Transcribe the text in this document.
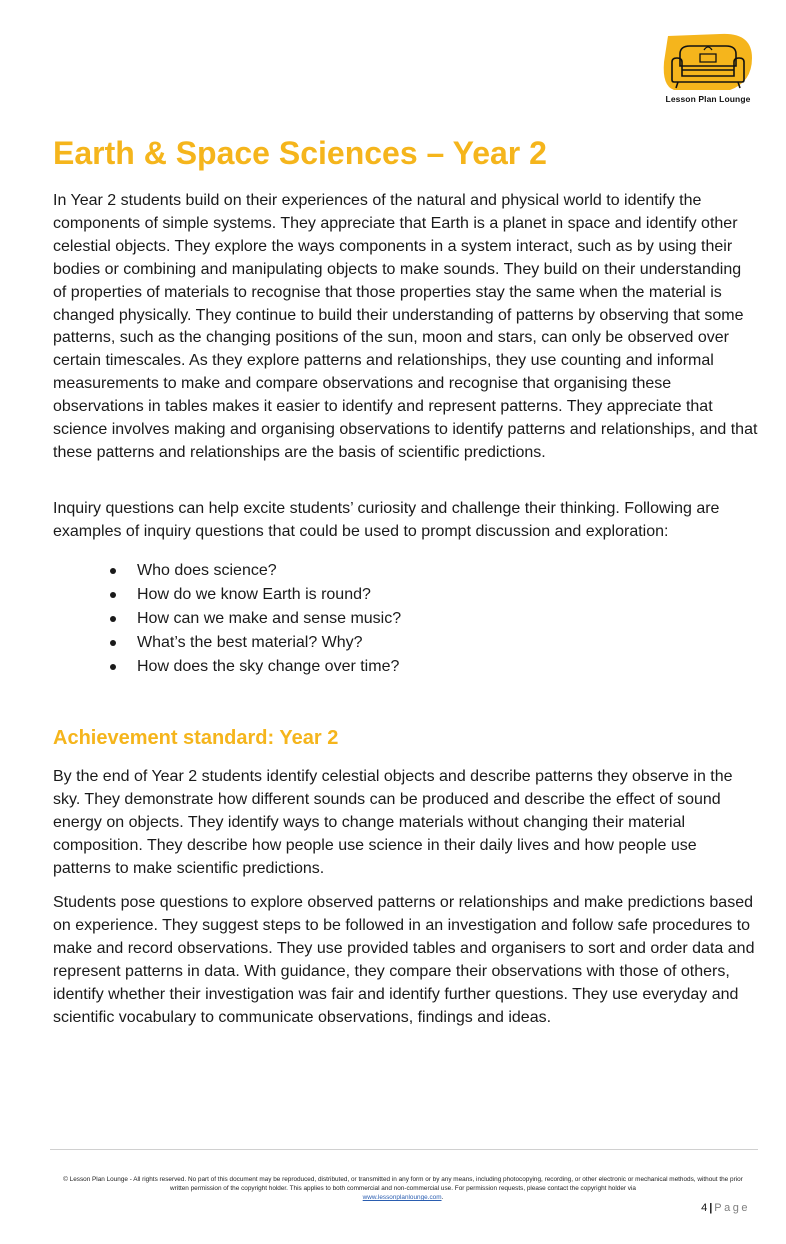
Lesson Plan Lounge
Earth & Space Sciences – Year 2

In Year 2 students build on their experiences of the natural and physical world to identify the components of simple systems. They appreciate that Earth is a planet in space and identify other celestial objects. They explore the ways components in a system interact, such as by using their bodies or combining and manipulating objects to make sounds. They build on their understanding of properties of materials to recognise that those properties stay the same when the material is changed physically. They continue to build their understanding of patterns by observing that some patterns, such as the changing positions of the sun, moon and stars, can only be observed over certain timescales. As they explore patterns and relationships, they use counting and informal measurements to make and compare observations and recognise that organising these observations in tables makes it easier to identify and represent patterns. They appreciate that science involves making and organising observations to identify patterns and relationships, and that these patterns and relationships are the basis of scientific predictions.

Inquiry questions can help excite students’ curiosity and challenge their thinking. Following are examples of inquiry questions that could be used to prompt discussion and exploration:

Who does science?
How do we know Earth is round?
How can we make and sense music?
What’s the best material? Why?
How does the sky change over time?
Achievement standard: Year 2

By the end of Year 2 students identify celestial objects and describe patterns they observe in the sky. They demonstrate how different sounds can be produced and describe the effect of sound energy on objects. They identify ways to change materials without changing their material composition. They describe how people use science in their daily lives and how people use patterns to make scientific predictions.

Students pose questions to explore observed patterns or relationships and make predictions based on experience. They suggest steps to be followed in an investigation and follow safe procedures to make and record observations. They use provided tables and organisers to sort and order data and represent patterns in data. With guidance, they compare their observations with those of others, identify whether their investigation was fair and identify further questions. They use everyday and scientific vocabulary to communicate observations, findings and ideas.

© Lesson Plan Lounge - All rights reserved. No part of this document may be reproduced, distributed, or transmitted in any form or by any means, including photocopying, recording, or other electronic or mechanical methods, without the prior written permission of the copyright holder. This applies to both commercial and non-commercial use. For permission requests, please contact the copyright holder via
www.lessonplanlounge.com.

4 | Page
